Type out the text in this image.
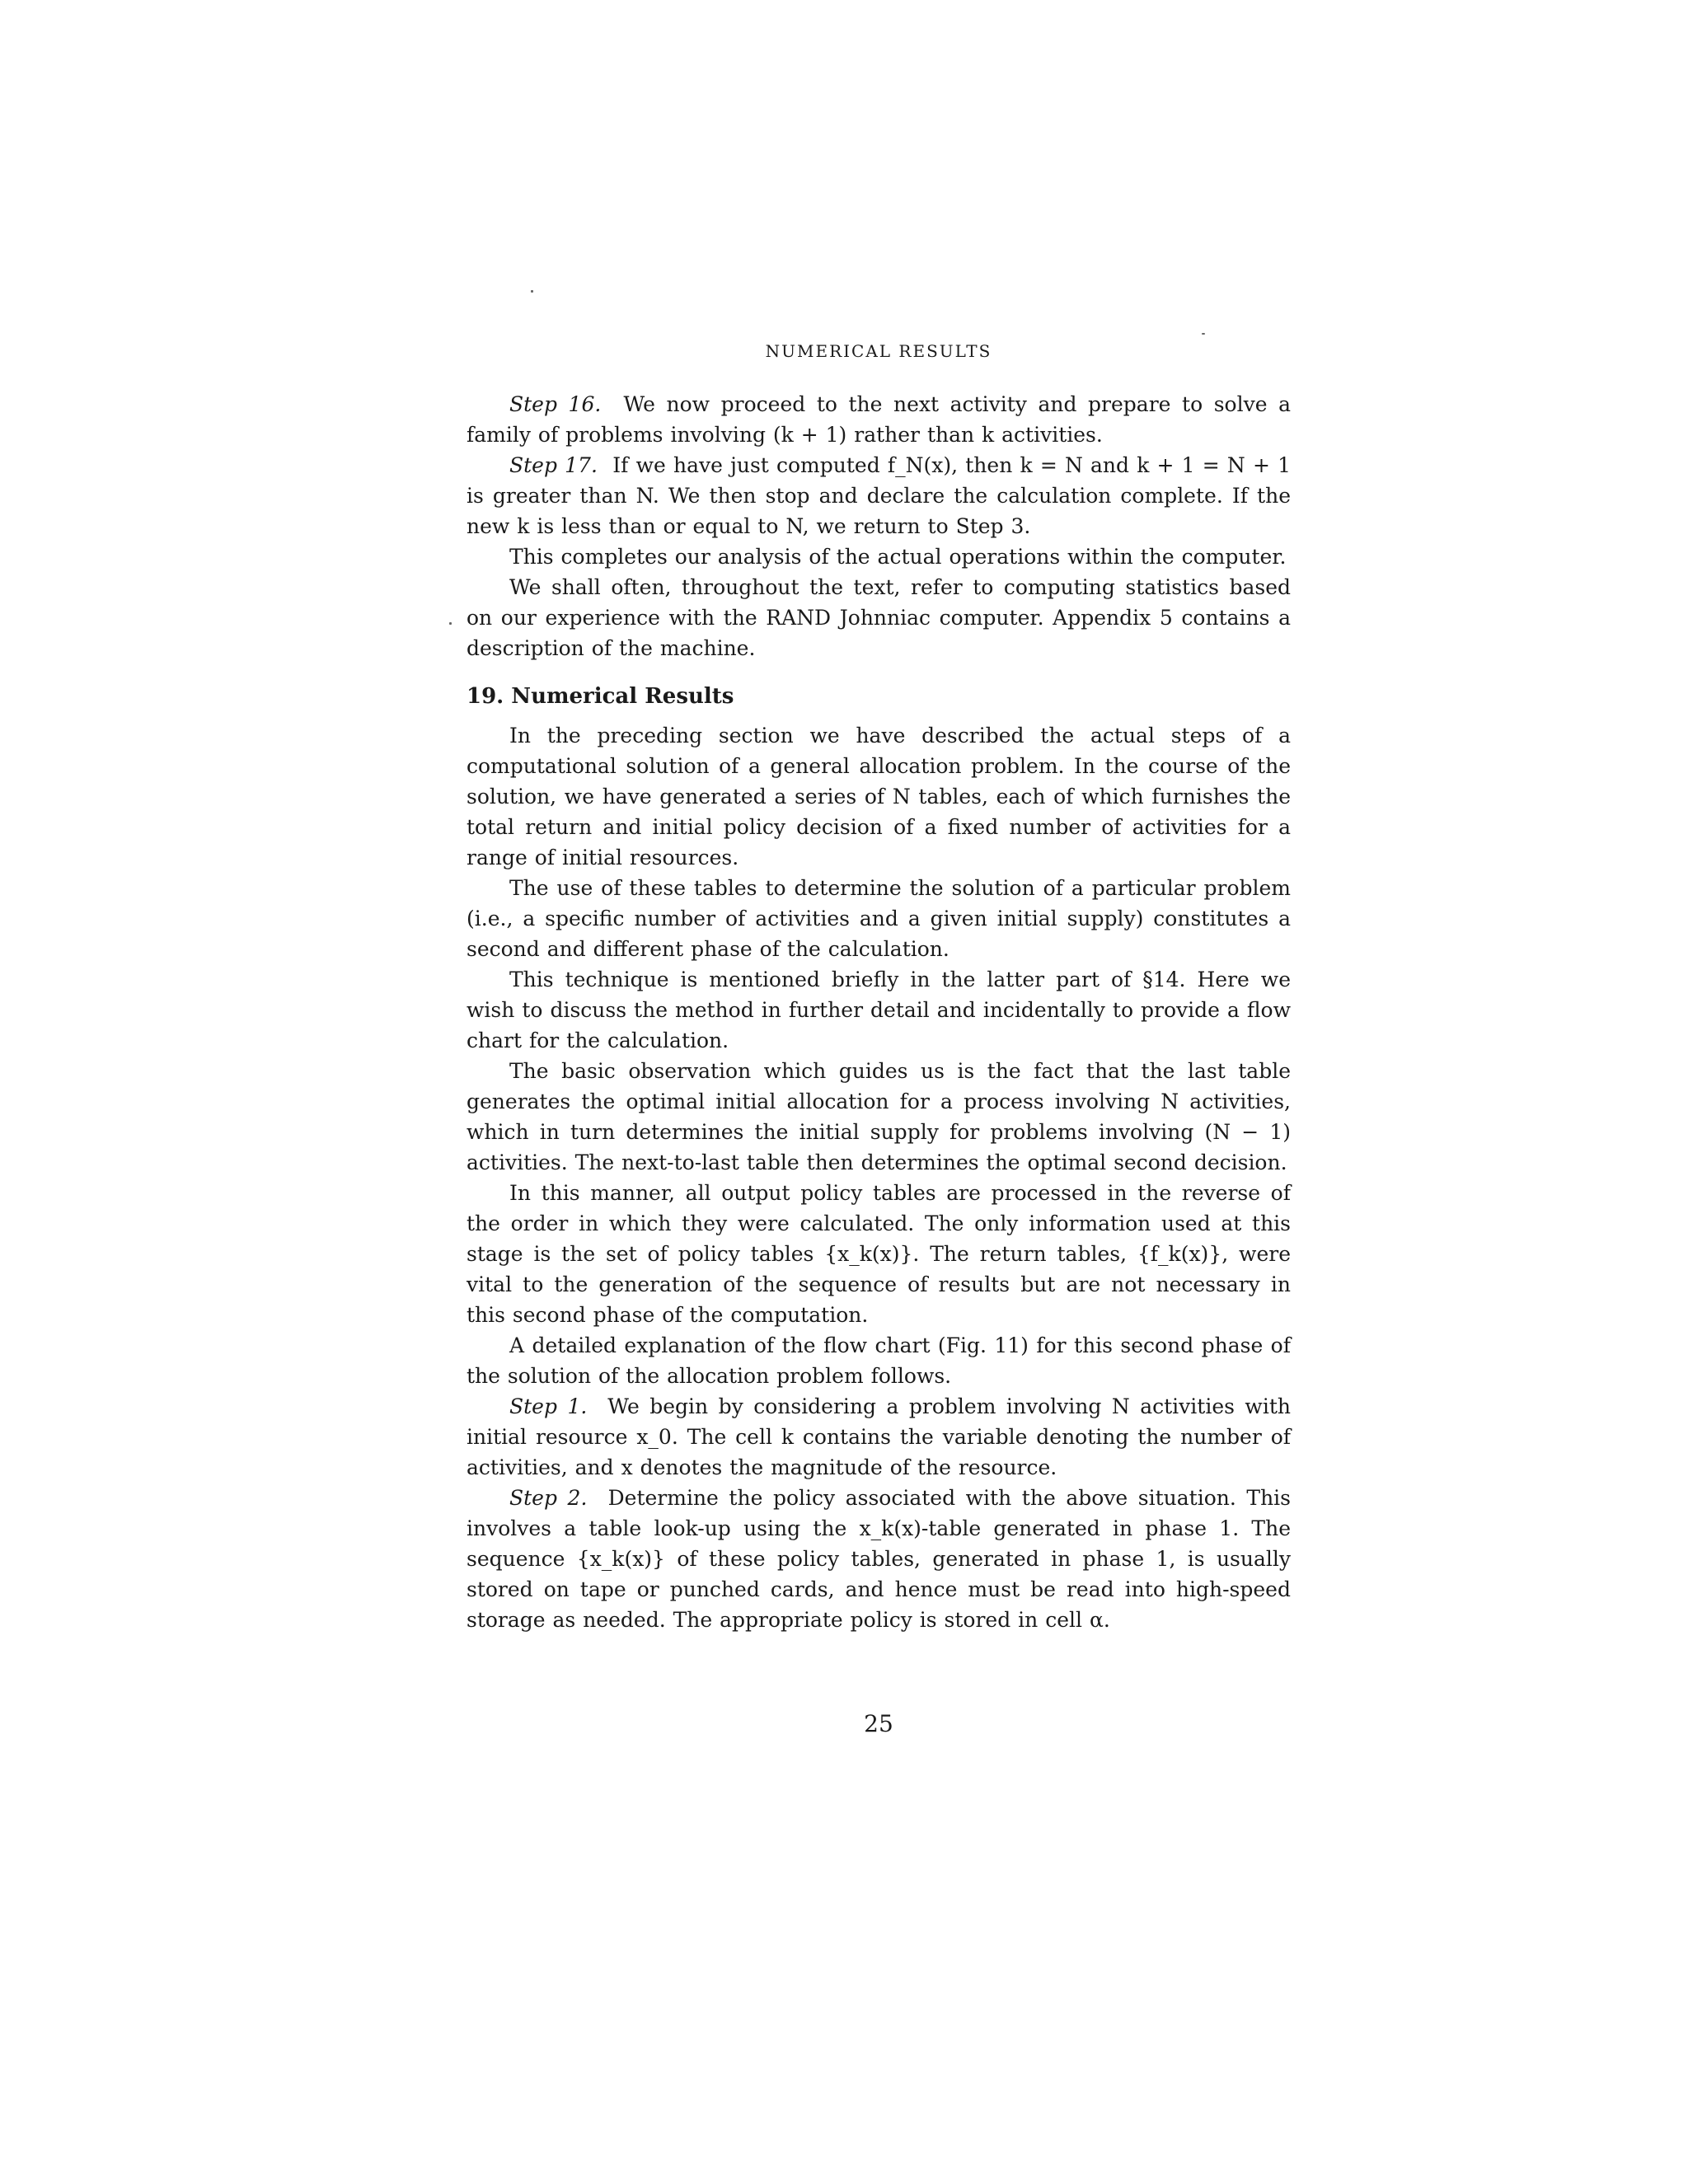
NUMERICAL RESULTS

Step 16. We now proceed to the next activity and prepare to solve a family of problems involving (k + 1) rather than k activities.

Step 17. If we have just computed f_N(x), then k = N and k + 1 = N + 1 is greater than N. We then stop and declare the calculation complete. If the new k is less than or equal to N, we return to Step 3.

This completes our analysis of the actual operations within the computer.

We shall often, throughout the text, refer to computing statistics based on our experience with the RAND Johnniac computer. Appendix 5 contains a description of the machine.

19. Numerical Results

In the preceding section we have described the actual steps of a computational solution of a general allocation problem. In the course of the solution, we have generated a series of N tables, each of which furnishes the total return and initial policy decision of a fixed number of activities for a range of initial resources.

The use of these tables to determine the solution of a particular problem (i.e., a specific number of activities and a given initial supply) constitutes a second and different phase of the calculation.

This technique is mentioned briefly in the latter part of §14. Here we wish to discuss the method in further detail and incidentally to provide a flow chart for the calculation.

The basic observation which guides us is the fact that the last table generates the optimal initial allocation for a process involving N activities, which in turn determines the initial supply for problems involving (N − 1) activities. The next-to-last table then determines the optimal second decision.

In this manner, all output policy tables are processed in the reverse of the order in which they were calculated. The only information used at this stage is the set of policy tables {x_k(x)}. The return tables, {f_k(x)}, were vital to the generation of the sequence of results but are not necessary in this second phase of the computation.

A detailed explanation of the flow chart (Fig. 11) for this second phase of the solution of the allocation problem follows.

Step 1. We begin by considering a problem involving N activities with initial resource x_0. The cell k contains the variable denoting the number of activities, and x denotes the magnitude of the resource.

Step 2. Determine the policy associated with the above situation. This involves a table look-up using the x_k(x)-table generated in phase 1. The sequence {x_k(x)} of these policy tables, generated in phase 1, is usually stored on tape or punched cards, and hence must be read into high-speed storage as needed. The appropriate policy is stored in cell α.

25
